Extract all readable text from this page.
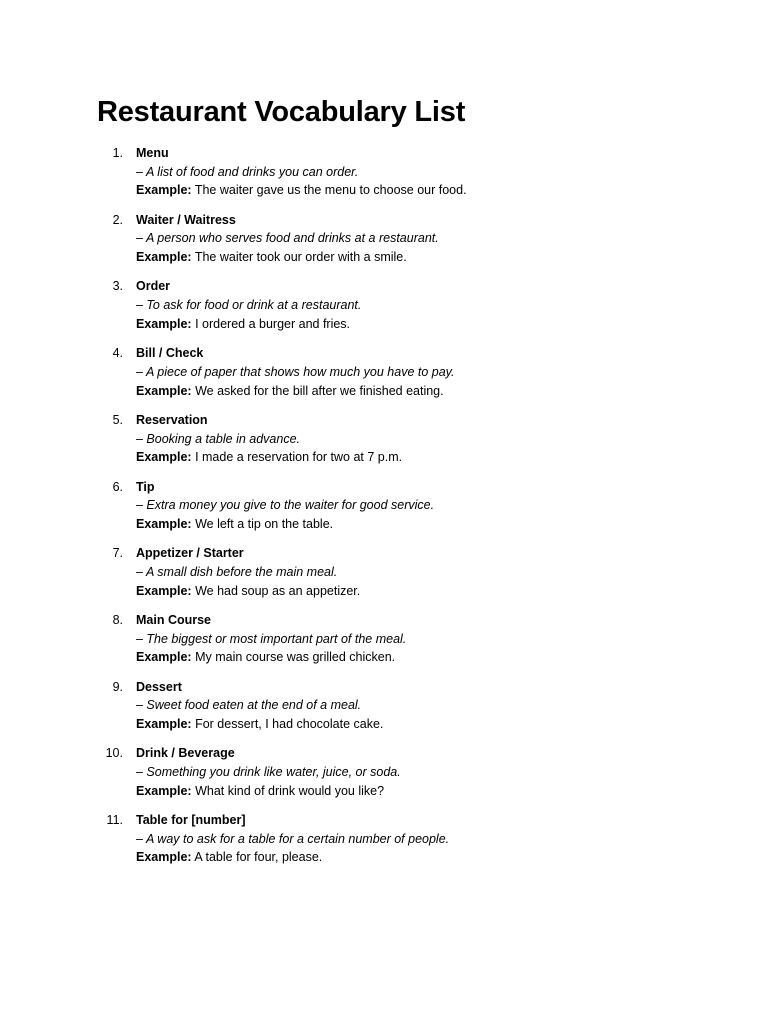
Restaurant Vocabulary List
1. Menu
– A list of food and drinks you can order.
Example: The waiter gave us the menu to choose our food.
2. Waiter / Waitress
– A person who serves food and drinks at a restaurant.
Example: The waiter took our order with a smile.
3. Order
– To ask for food or drink at a restaurant.
Example: I ordered a burger and fries.
4. Bill / Check
– A piece of paper that shows how much you have to pay.
Example: We asked for the bill after we finished eating.
5. Reservation
– Booking a table in advance.
Example: I made a reservation for two at 7 p.m.
6. Tip
– Extra money you give to the waiter for good service.
Example: We left a tip on the table.
7. Appetizer / Starter
– A small dish before the main meal.
Example: We had soup as an appetizer.
8. Main Course
– The biggest or most important part of the meal.
Example: My main course was grilled chicken.
9. Dessert
– Sweet food eaten at the end of a meal.
Example: For dessert, I had chocolate cake.
10. Drink / Beverage
– Something you drink like water, juice, or soda.
Example: What kind of drink would you like?
11. Table for [number]
– A way to ask for a table for a certain number of people.
Example: A table for four, please.
